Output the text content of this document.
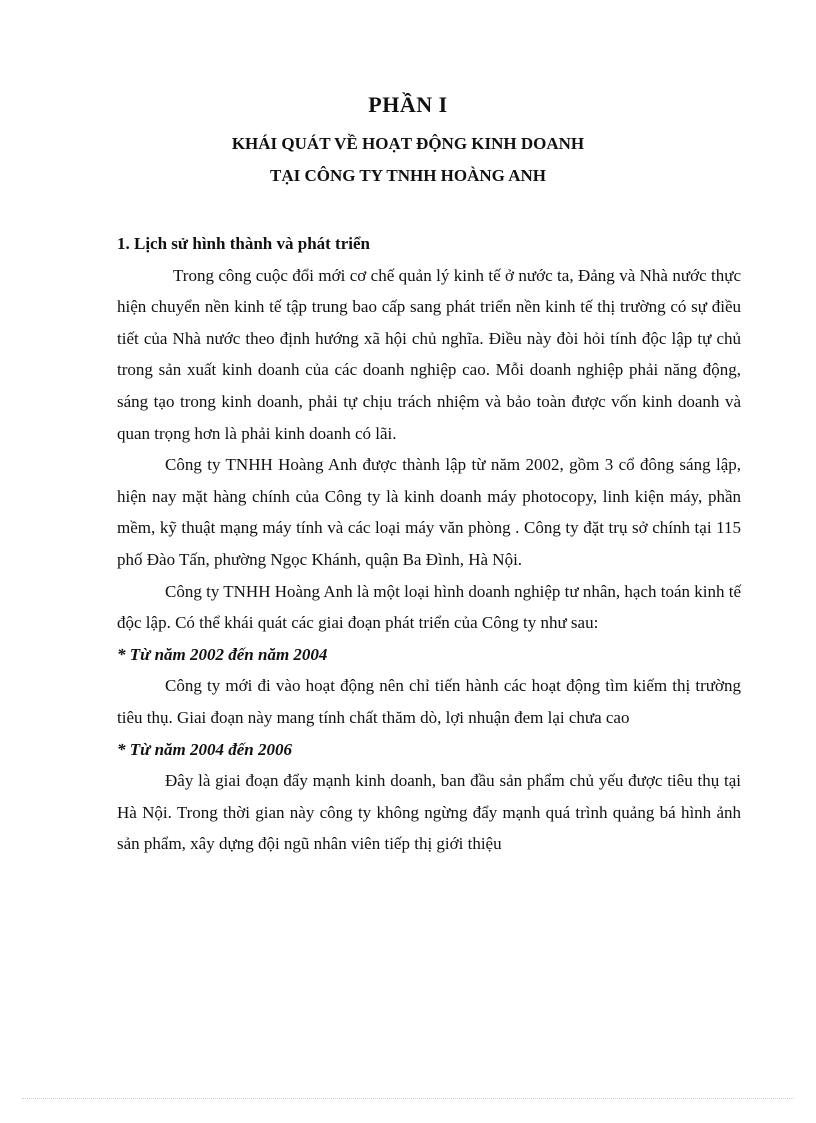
PHẦN I
KHÁI QUÁT VỀ HOẠT ĐỘNG KINH DOANH
TẠI CÔNG TY TNHH HOÀNG ANH

1. Lịch sử hình thành và phát triển

Trong công cuộc đổi mới cơ chế quản lý kinh tế ở nước ta, Đảng và Nhà nước thực hiện chuyển nền kinh tế tập trung bao cấp sang phát triển nền kinh tế thị trường có sự điều tiết của Nhà nước theo định hướng xã hội chủ nghĩa. Điều này đòi hỏi tính độc lập tự chủ trong sản xuất kinh doanh của các doanh nghiệp cao. Mỗi doanh nghiệp phải năng động, sáng tạo trong kinh doanh, phải tự chịu trách nhiệm và bảo toàn được vốn kinh doanh và quan trọng hơn là phải kinh doanh có lãi.

Công ty TNHH Hoàng Anh được thành lập từ năm 2002, gồm 3 cổ đông sáng lập, hiện nay mặt hàng chính của Công ty là kinh doanh máy photocopy, linh kiện máy, phần mềm, kỹ thuật mạng máy tính và các loại máy văn phòng . Công ty đặt trụ sở chính tại 115 phố Đào Tấn, phường Ngọc Khánh, quận Ba Đình, Hà Nội.

Công ty TNHH Hoàng Anh là một loại hình doanh nghiệp tư nhân, hạch toán kinh tế độc lập. Có thể khái quát các giai đoạn phát triển của Công ty như sau:

* Từ năm 2002 đến năm 2004

Công ty mới đi vào hoạt động nên chỉ tiến hành các hoạt động tìm kiếm thị trường tiêu thụ. Giai đoạn này mang tính chất thăm dò, lợi nhuận đem lại chưa cao

* Từ năm 2004 đến 2006

Đây là giai đoạn đẩy mạnh kinh doanh, ban đầu sản phẩm chủ yếu được tiêu thụ tại Hà Nội. Trong thời gian này công ty không ngừng đẩy mạnh quá trình quảng bá hình ảnh sản phẩm, xây dựng đội ngũ nhân viên tiếp thị giới thiệu
